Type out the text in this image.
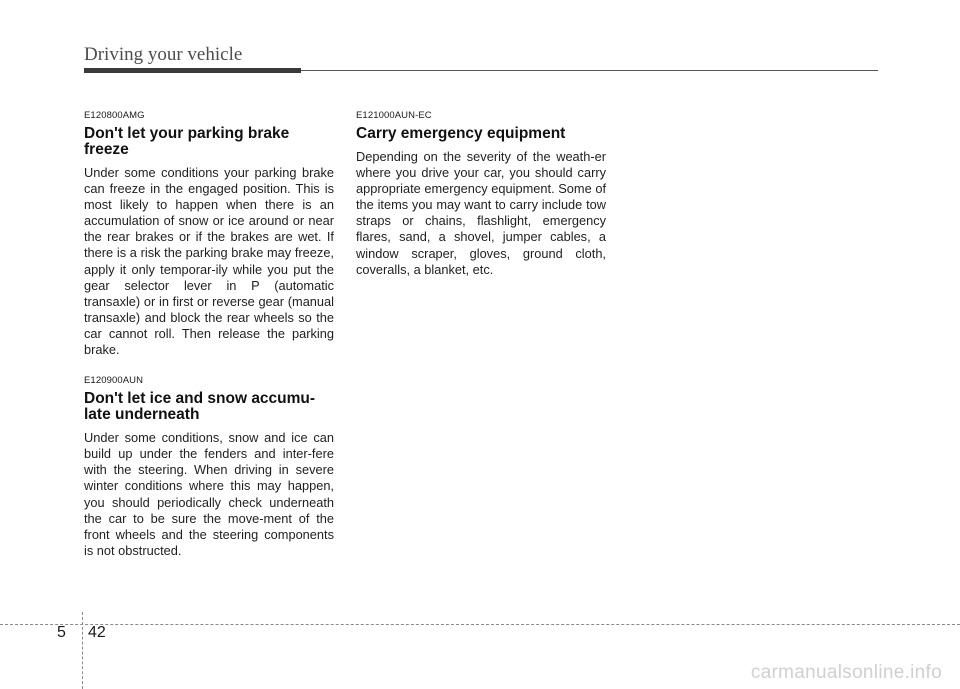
Driving your vehicle

E120800AMG

Don't let your parking brake freeze

Under some conditions your parking brake can freeze in the engaged position. This is most likely to happen when there is an accumulation of snow or ice around or near the rear brakes or if the brakes are wet. If there is a risk the parking brake may freeze, apply it only temporar-ily while you put the gear selector lever in P (automatic transaxle) or in first or reverse gear (manual transaxle) and block the rear wheels so the car cannot roll. Then release the parking brake.

E120900AUN

Don't let ice and snow accumu-late underneath

Under some conditions, snow and ice can build up under the fenders and inter-fere with the steering. When driving in severe winter conditions where this may happen, you should periodically check underneath the car to be sure the move-ment of the front wheels and the steering components is not obstructed.

E121000AUN-EC

Carry emergency equipment

Depending on the severity of the weath-er where you drive your car, you should carry appropriate emergency equipment. Some of the items you may want to carry include tow straps or chains, flashlight, emergency flares, sand, a shovel, jumper cables, a window scraper, gloves, ground cloth, coveralls, a blanket, etc.

5 42
carmanualsonline.info
